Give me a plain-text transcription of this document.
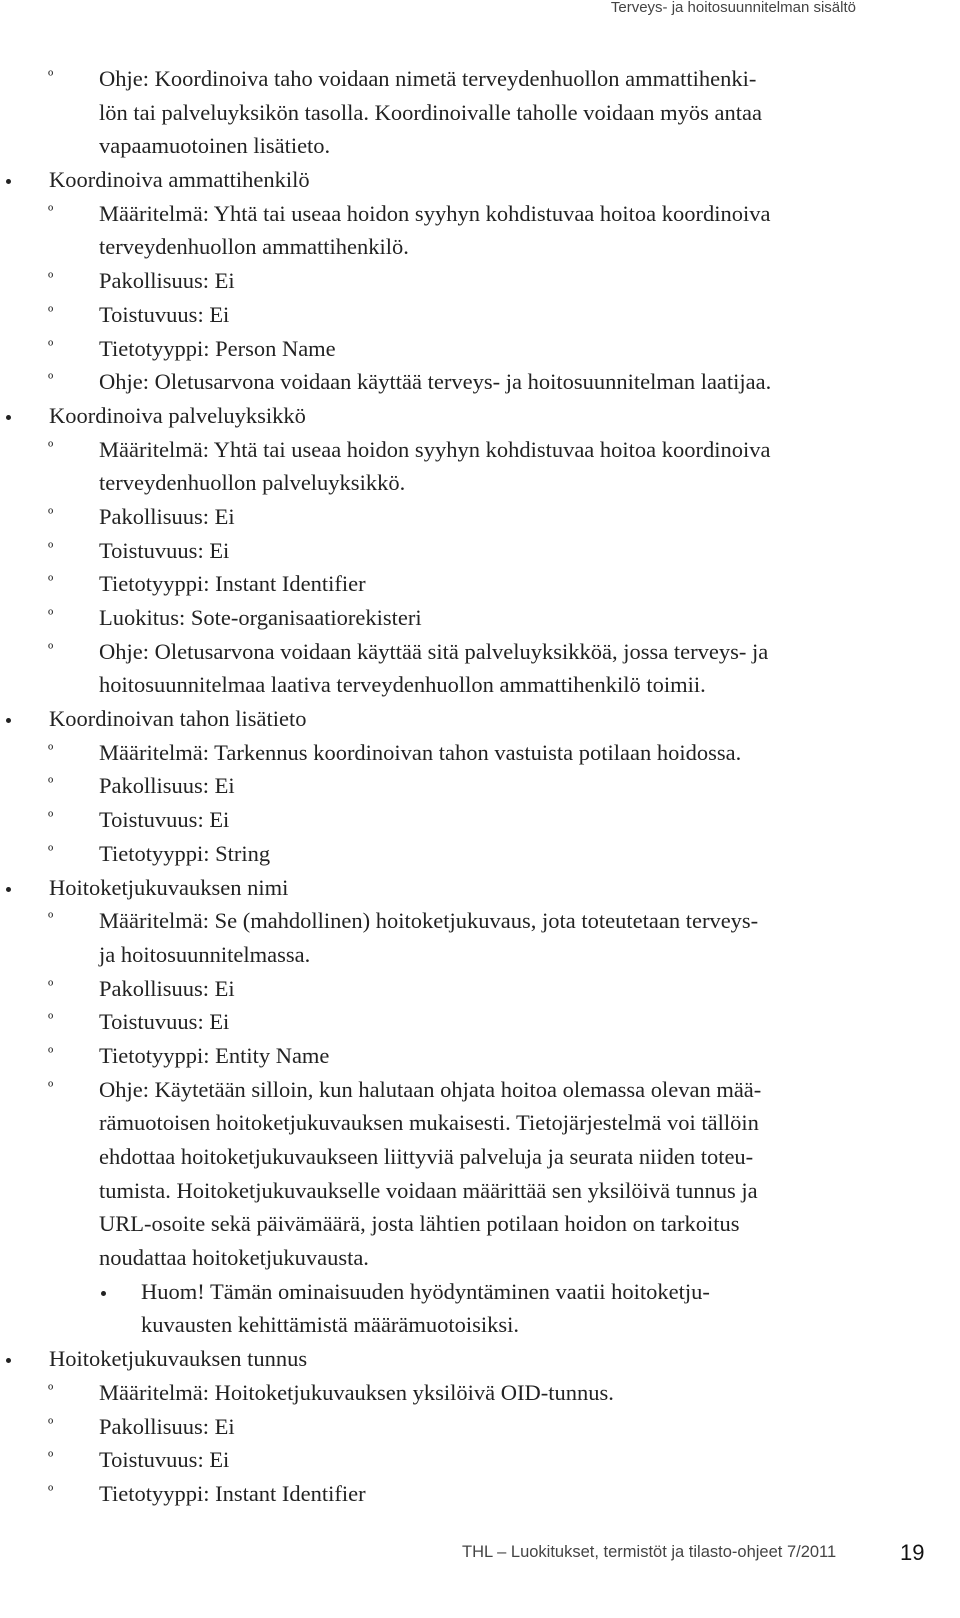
Terveys- ja hoitosuunnitelman sisältö
º Ohje: Koordinoiva taho voidaan nimetä terveydenhuollon ammattihenki-
lön tai palveluyksikön tasolla. Koordinoivalle taholle voidaan myös antaa
vapaamuotoinen lisätieto.
Koordinoiva ammattihenkilö
º Määritelmä: Yhtä tai useaa hoidon syyhyn kohdistuvaa hoitoa koordinoiva
terveydenhuollon ammattihenkilö.
º Pakollisuus: Ei
º Toistuvuus: Ei
º Tietotyyppi: Person Name
º Ohje: Oletusarvona voidaan käyttää terveys- ja hoitosuunnitelman laatijaa.
Koordinoiva palveluyksikkö
º Määritelmä: Yhtä tai useaa hoidon syyhyn kohdistuvaa hoitoa koordinoiva
terveydenhuollon palveluyksikkö.
º Pakollisuus: Ei
º Toistuvuus: Ei
º Tietotyyppi: Instant Identifier
º Luokitus: Sote-organisaatiorekisteri
º Ohje: Oletusarvona voidaan käyttää sitä palveluyksikköä, jossa terveys- ja
hoitosuunnitelmaa laativa terveydenhuollon ammattihenkilö toimii.
Koordinoivan tahon lisätieto
º Määritelmä: Tarkennus koordinoivan tahon vastuista potilaan hoidossa.
º Pakollisuus: Ei
º Toistuvuus: Ei
º Tietotyyppi: String
Hoitoketjukuvauksen nimi
º Määritelmä: Se (mahdollinen) hoitoketjukuvaus, jota toteutetaan terveys-
ja hoitosuunnitelmassa.
º Pakollisuus: Ei
º Toistuvuus: Ei
º Tietotyyppi: Entity Name
º Ohje: Käytetään silloin, kun halutaan ohjata hoitoa olemassa olevan mää-
rämuotoisen hoitoketjukuvauksen mukaisesti. Tietojärjestelmä voi tällöin
ehdottaa hoitoketjukuvaukseen liittyviä palveluja ja seurata niiden toteu-
tumista. Hoitoketjukuvaukselle voidaan määrittää sen yksilöivä tunnus ja
URL-osoite sekä päivämäärä, josta lähtien potilaan hoidon on tarkoitus
noudattaa hoitoketjukuvausta.
Huom! Tämän ominaisuuden hyödyntäminen vaatii hoitoketju-
kuvausten kehittämistä määrämuotoisiksi.
Hoitoketjukuvauksen tunnus
º Määritelmä: Hoitoketjukuvauksen yksilöivä OID-tunnus.
º Pakollisuus: Ei
º Toistuvuus: Ei
º Tietotyyppi: Instant Identifier
THL – Luokitukset, termistöt ja tilasto-ohjeet 7/2011	19
